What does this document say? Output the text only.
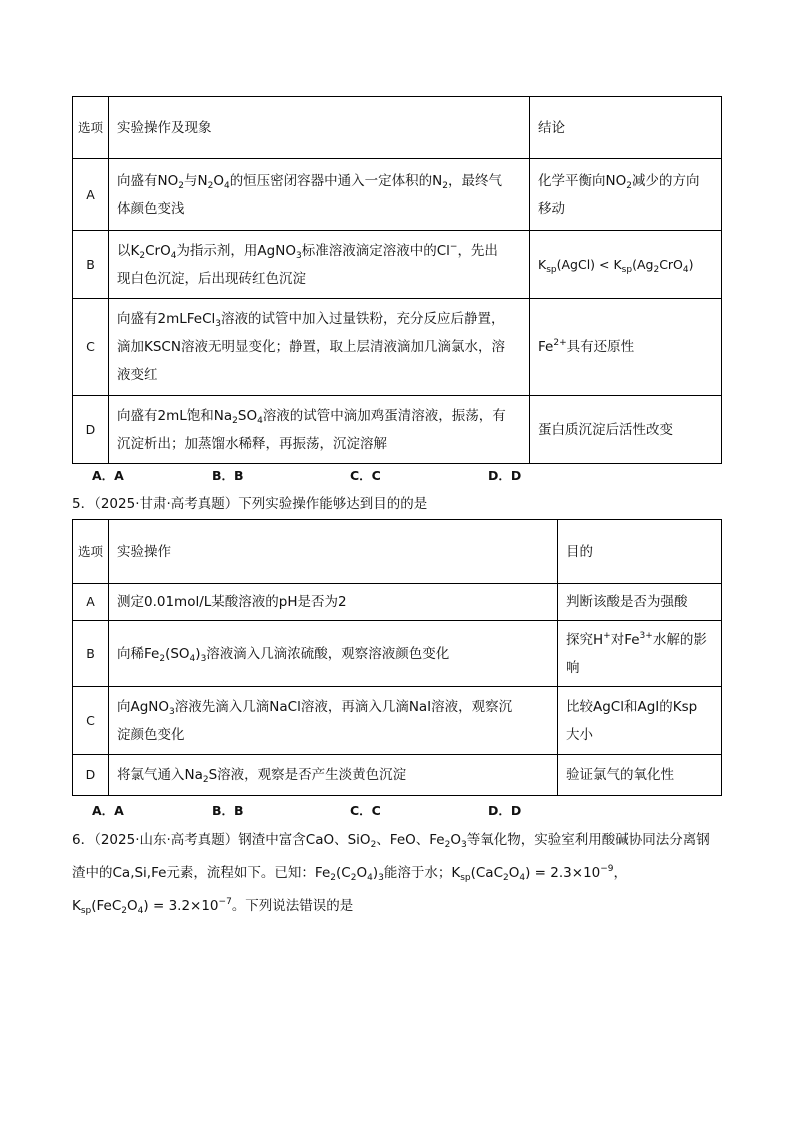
选项	实验操作及现象	结论
A	向盛有$NO_2$与$N_2O_4$的恒压密闭容器中通入一定体积的$N_2$，最终气
体颜色变浅	化学平衡向$NO_2$减少的方向
移动
B	以$K_2CrO_4$为指示剂，用AgNO$_3$标准溶液滴定溶液中的Cl−，先出
现白色沉淀，后出现砖红色沉淀	$K_{sp}(AgCl) < K_{sp}(Ag_2CrO_4)$
C	向盛有2mLFeCl$_3$溶液的试管中加入过量铁粉，充分反应后静置，
滴加KSCN溶液无明显变化；静置，取上层清液滴加几滴氯水，溶
液变红	$Fe^{2+}$具有还原性
D	向盛有2mL饱和$Na_2SO_4$溶液的试管中滴加鸡蛋清溶液，振荡，有
沉淀析出；加蒸馏水稀释，再振荡，沉淀溶解	蛋白质沉淀后活性改变
A．A	B．B	C．C	D．D
5．（2025·甘肃·高考真题）下列实验操作能够达到目的的是
选项	实验操作	目的
A	测定0.01mol/L某酸溶液的pH是否为2	判断该酸是否为强酸
B	向稀$Fe_2(SO_4)_3$溶液滴入几滴浓硫酸，观察溶液颜色变化	探究H+对$Fe^{3+}$水解的影
响
C	向AgNO$_3$溶液先滴入几滴NaCl溶液，再滴入几滴NaI溶液，观察沉
淀颜色变化	比较AgCl和AgI的Ksp
大小
D	将氯气通入$Na_2S$溶液，观察是否产生淡黄色沉淀	验证氯气的氧化性
A．A	B．B	C．C	D．D
6．（2025·山东·高考真题）钢渣中富含CaO、SiO$_2$、FeO、$Fe_2O_3$等氧化物，实验室利用酸碱协同法分离钢
渣中的Ca,Si,Fe元素，流程如下。已知：$Fe_2(C_2O_4)_3$能溶于水；$K_{sp}(CaC_2O_4) = 2.3\times 10^{-9}$，
$K_{sp}(FeC_2O_4) = 3.2\times 10^{-7}$。下列说法错误的是
